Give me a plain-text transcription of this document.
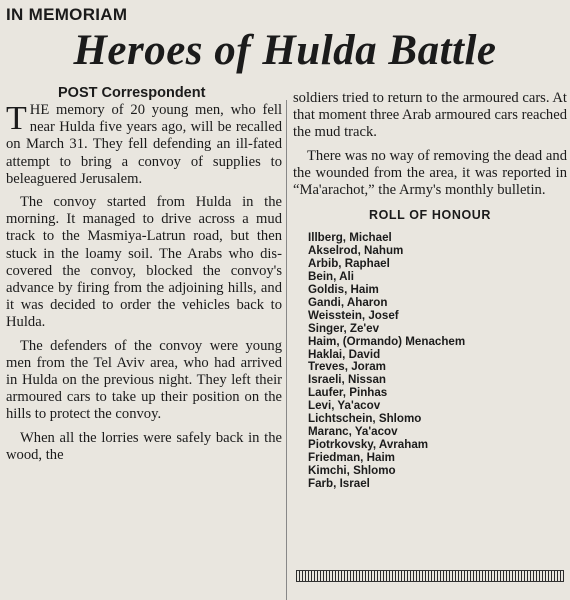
IN MEMORIAM
Heroes of Hulda Battle
POST Correspondent

THE memory of 20 young men, who fell near Hulda five years ago, will be recalled on March 31. They fell defending an ill-fated attempt to bring a convoy of supplies to beleaguered Jerusalem.

The convoy started from Hulda in the morning. It managed to drive across a mud track to the Masmiya-Latrun road, but then stuck in the loamy soil. The Arabs who discovered the convoy, blocked the convoy's advance by firing from the adjoining hills, and it was decided to order the vehicles back to Hulda.

The defenders of the convoy were young men from the Tel Aviv area, who had arrived in Hulda on the previous night. They left their armoured cars to take up their position on the hills to protect the convoy.

When all the lorries were safely back in the wood, the

soldiers tried to return to the armoured cars. At that moment three Arab armoured cars reached the mud track.

There was no way of removing the dead and the wounded from the area, it was reported in “Ma'arachot,” the Army's monthly bulletin.

ROLL OF HONOUR
Illberg, Michael
Akselrod, Nahum
Arbib, Raphael
Bein, Ali
Goldis, Haim
Gandi, Aharon
Weisstein, Josef
Singer, Ze'ev
Haim, (Ormando) Menachem
Haklai, David
Treves, Joram
Israeli, Nissan
Laufer, Pinhas
Levi, Ya'acov
Lichtschein, Shlomo
Maranc, Ya'acov
Piotrkovsky, Avraham
Friedman, Haim
Kimchi, Shlomo
Farb, Israel
